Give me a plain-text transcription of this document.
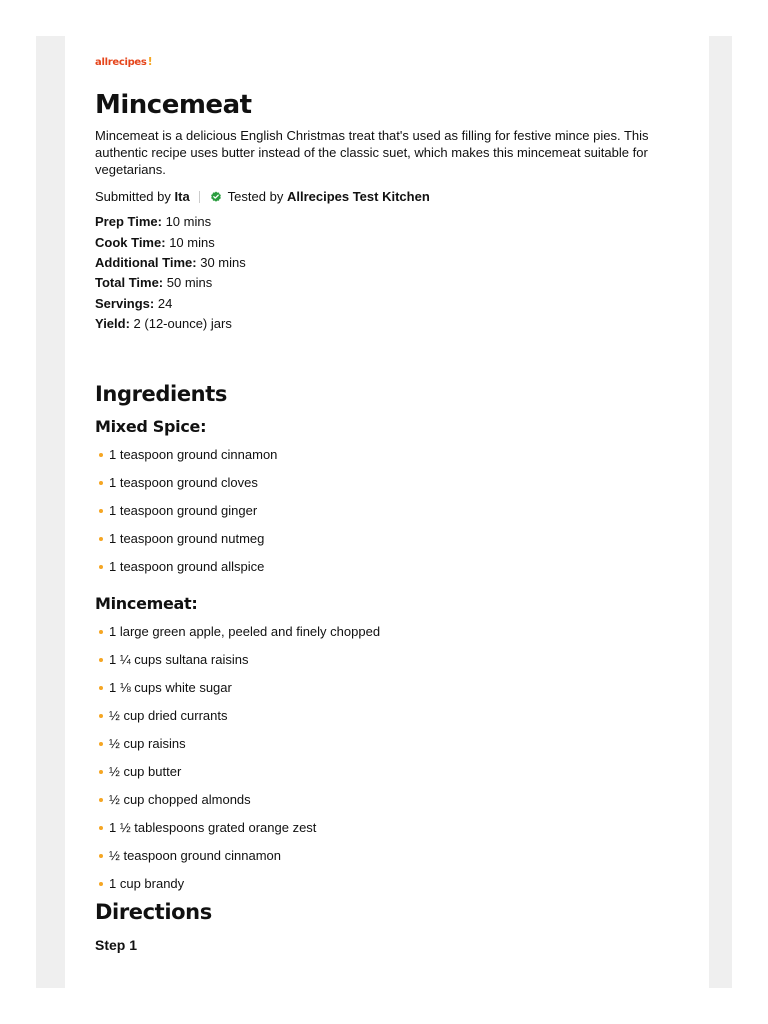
allrecipes!
Mincemeat

Mincemeat is a delicious English Christmas treat that's used as filling for festive mince pies. This authentic recipe uses butter instead of the classic suet, which makes this mincemeat suitable for vegetarians.

Submitted by
Ita	Tested by
Allrecipes Test Kitchen
Prep Time: 10 mins
Cook Time: 10 mins
Additional Time: 30 mins
Total Time: 50 mins
Servings: 24
Yield: 2 (12-ounce) jars
Ingredients
Mixed Spice:
1 teaspoon ground cinnamon
1 teaspoon ground cloves
1 teaspoon ground ginger
1 teaspoon ground nutmeg
1 teaspoon ground allspice
Mincemeat:
1 large green apple, peeled and finely chopped
1 ¼ cups sultana raisins
1 ⅛ cups white sugar
½ cup dried currants
½ cup raisins
½ cup butter
½ cup chopped almonds
1 ½ tablespoons grated orange zest
½ teaspoon ground cinnamon
1 cup brandy
Directions
Step 1
